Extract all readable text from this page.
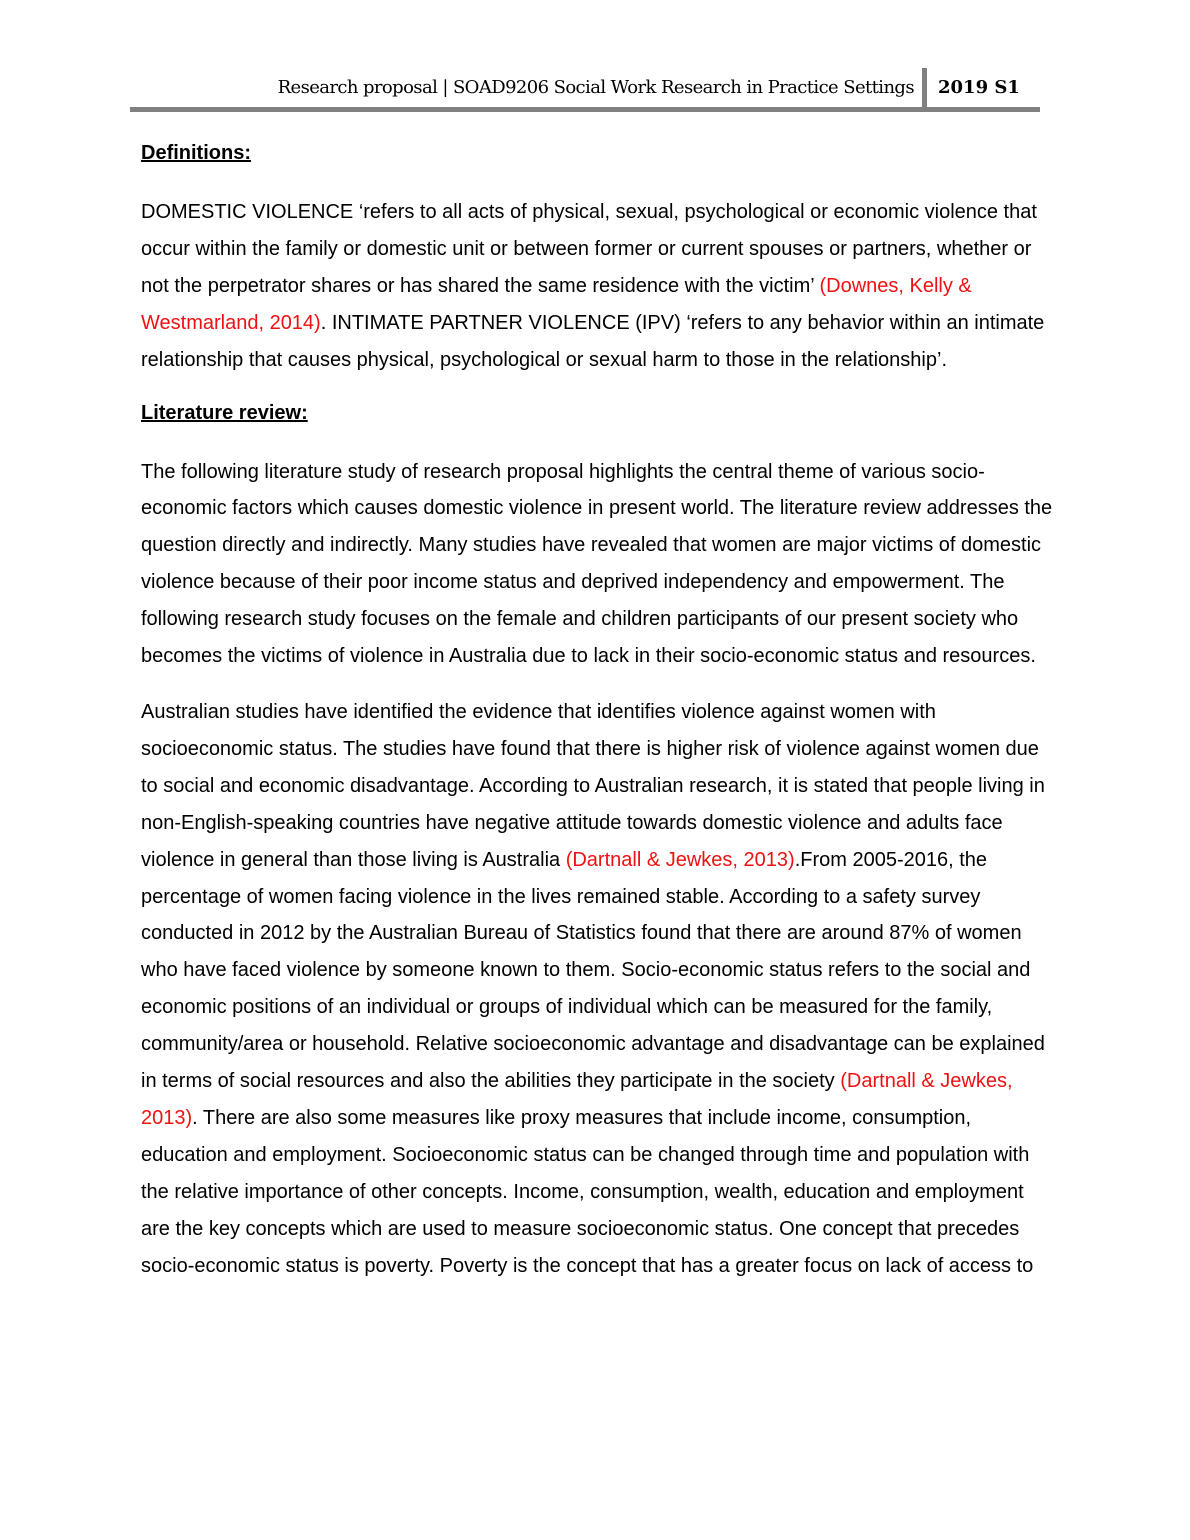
Research proposal | SOAD9206 Social Work Research in Practice Settings 2019 S1
Definitions:

DOMESTIC VIOLENCE ‘refers to all acts of physical, sexual, psychological or economic violence that occur within the family or domestic unit or between former or current spouses or partners, whether or not the perpetrator shares or has shared the same residence with the victim’ (Downes, Kelly & Westmarland, 2014). INTIMATE PARTNER VIOLENCE (IPV) ‘refers to any behavior within an intimate relationship that causes physical, psychological or sexual harm to those in the relationship’.

Literature review:

The following literature study of research proposal highlights the central theme of various socio-economic factors which causes domestic violence in present world. The literature review addresses the question directly and indirectly. Many studies have revealed that women are major victims of domestic violence because of their poor income status and deprived independency and empowerment. The following research study focuses on the female and children participants of our present society who becomes the victims of violence in Australia due to lack in their socio-economic status and resources.

Australian studies have identified the evidence that identifies violence against women with socioeconomic status. The studies have found that there is higher risk of violence against women due to social and economic disadvantage. According to Australian research, it is stated that people living in non-English-speaking countries have negative attitude towards domestic violence and adults face violence in general than those living is Australia (Dartnall & Jewkes, 2013).From 2005-2016, the percentage of women facing violence in the lives remained stable. According to a safety survey conducted in 2012 by the Australian Bureau of Statistics found that there are around 87% of women who have faced violence by someone known to them. Socio-economic status refers to the social and economic positions of an individual or groups of individual which can be measured for the family, community/area or household. Relative socioeconomic advantage and disadvantage can be explained in terms of social resources and also the abilities they participate in the society (Dartnall & Jewkes, 2013). There are also some measures like proxy measures that include income, consumption, education and employment. Socioeconomic status can be changed through time and population with the relative importance of other concepts. Income, consumption, wealth, education and employment are the key concepts which are used to measure socioeconomic status. One concept that precedes socio-economic status is poverty. Poverty is the concept that has a greater focus on lack of access to
